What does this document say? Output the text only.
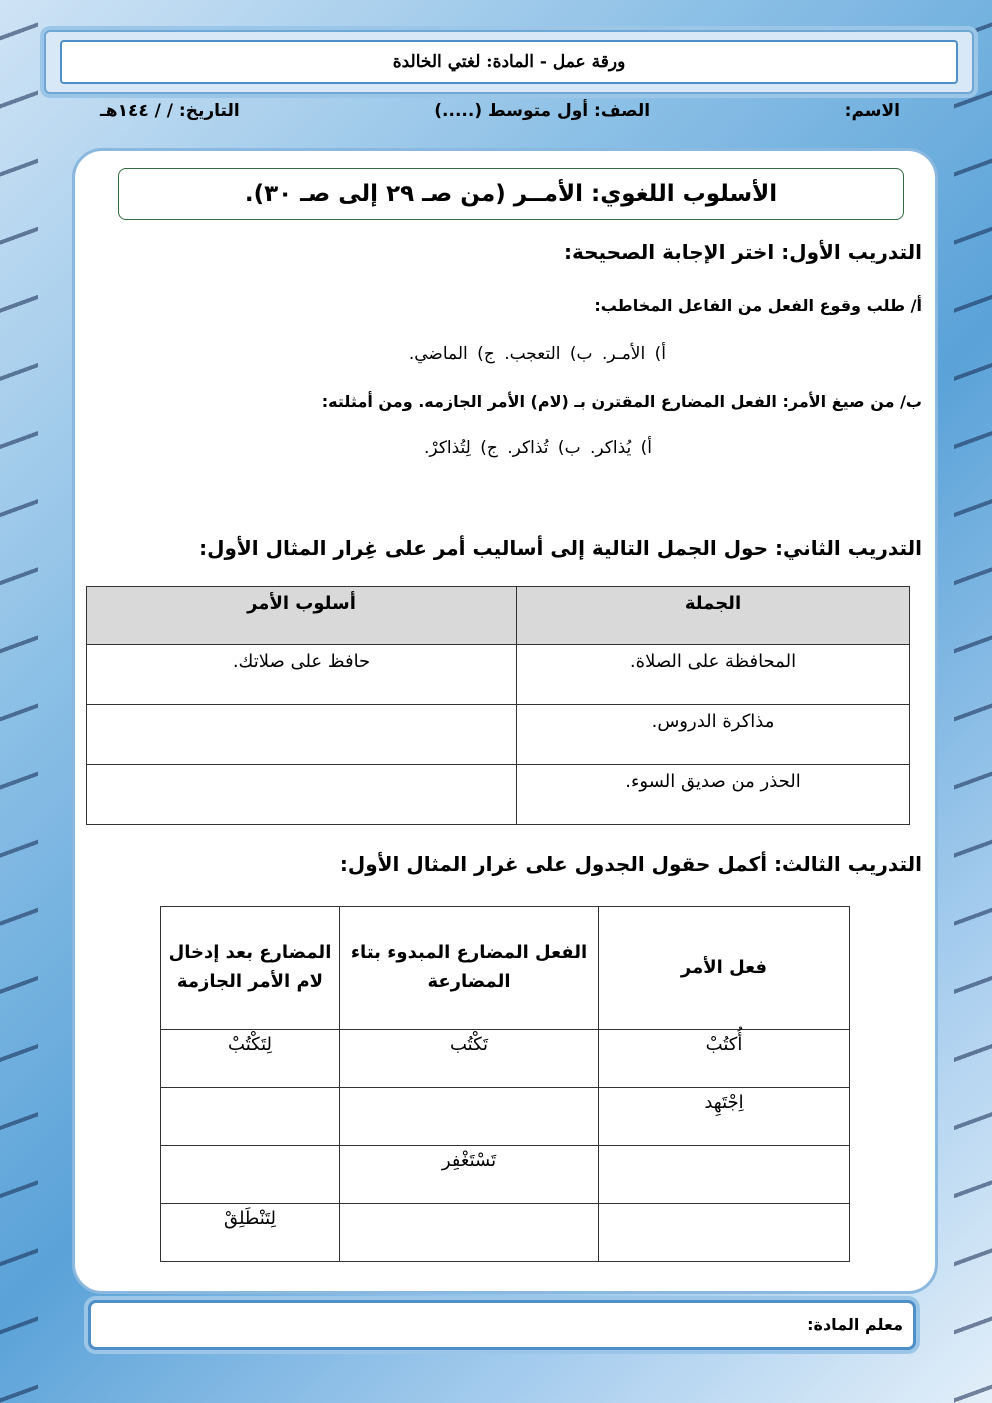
ورقة عمل - المادة: لغتي الخالدة
الاسم:
الصف: أول متوسط (.....)
التاريخ: / / ١٤٤هـ
الأسلوب اللغوي: الأمــر (من صـ ٢٩ إلى صـ ٣٠).
التدريب الأول: اختر الإجابة الصحيحة:
أ/ طلب وقوع الفعل من الفاعل المخاطب:
أ) الأمـر. ب) التعجب. ج) الماضي.
ب/ من صيغ الأمر: الفعل المضارع المقترن بـ (لام) الأمر الجازمه. ومن أمثلته:
أ) يُذاكر. ب) تُذاكر. ج) لِتُذاكرْ.
التدريب الثاني: حول الجمل التالية إلى أساليب أمر على غِرار المثال الأول:
الجملة	أسلوب الأمر
المحافظة على الصلاة.	حافظ على صلاتك.
مذاكرة الدروس.	
الحذر من صديق السوء.	
التدريب الثالث: أكمل حقول الجدول على غرار المثال الأول:
فعل الأمر	الفعل المضارع المبدوء بتاء المضارعة	المضارع بعد إدخال لام الأمر الجازمة
أُكتُبْ	تَكْتُب	لِتَكْتُبْ
اِجْتَهِد		
	تَسْتَغْفِر	
		لِتَنْطَلِقْ
معلم المادة:
